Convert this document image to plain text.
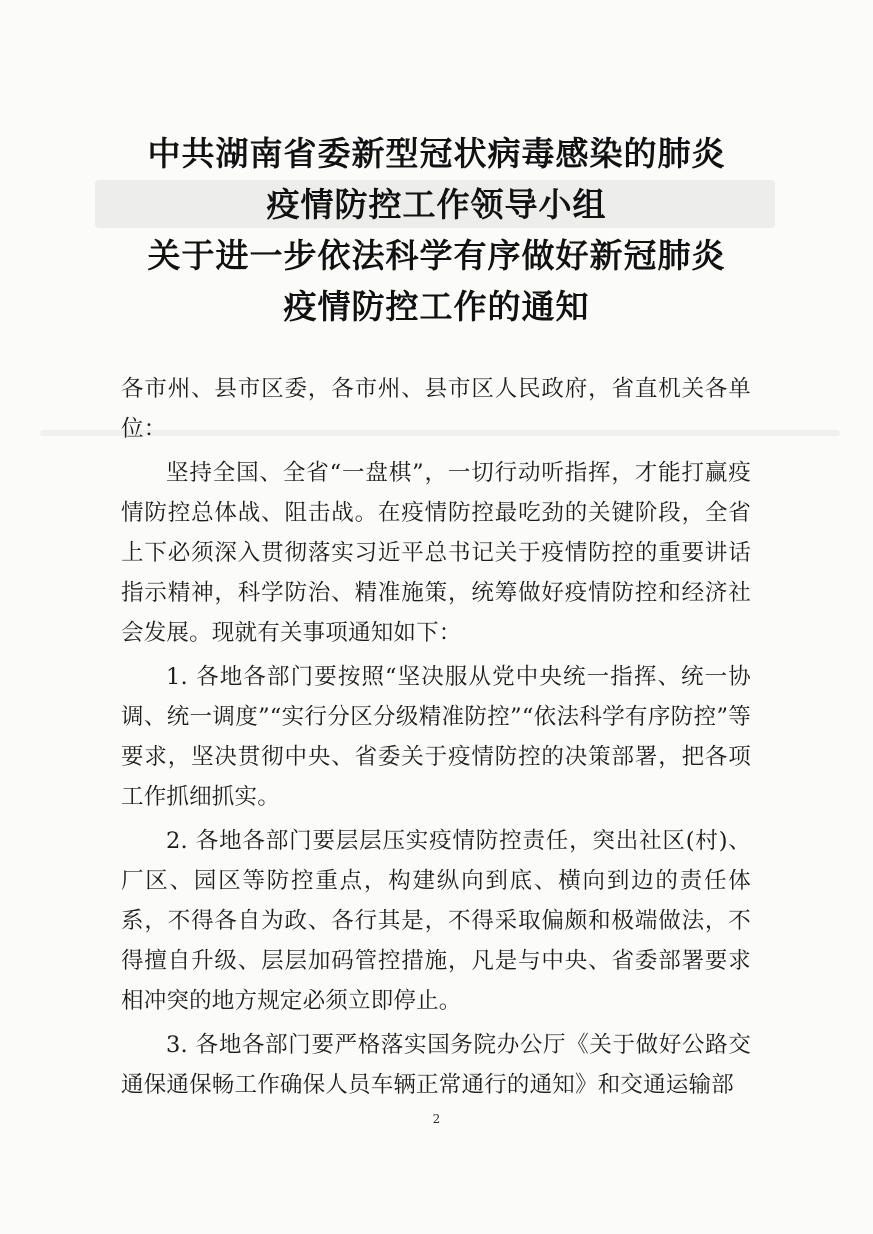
中共湖南省委新型冠状病毒感染的肺炎
疫情防控工作领导小组
关于进一步依法科学有序做好新冠肺炎
疫情防控工作的通知

各市州、县市区委，各市州、县市区人民政府，省直机关各单位：

坚持全国、全省“一盘棋”，一切行动听指挥，才能打赢疫情防控总体战、阻击战。在疫情防控最吃劲的关键阶段，全省上下必须深入贯彻落实习近平总书记关于疫情防控的重要讲话指示精神，科学防治、精准施策，统筹做好疫情防控和经济社会发展。现就有关事项通知如下：

1. 各地各部门要按照“坚决服从党中央统一指挥、统一协调、统一调度”“实行分区分级精准防控”“依法科学有序防控”等要求，坚决贯彻中央、省委关于疫情防控的决策部署，把各项工作抓细抓实。

2. 各地各部门要层层压实疫情防控责任，突出社区(村)、厂区、园区等防控重点，构建纵向到底、横向到边的责任体系，不得各自为政、各行其是，不得采取偏颇和极端做法，不得擅自升级、层层加码管控措施，凡是与中央、省委部署要求相冲突的地方规定必须立即停止。

3. 各地各部门要严格落实国务院办公厅《关于做好公路交通保通保畅工作确保人员车辆正常通行的通知》和交通运输部

2
